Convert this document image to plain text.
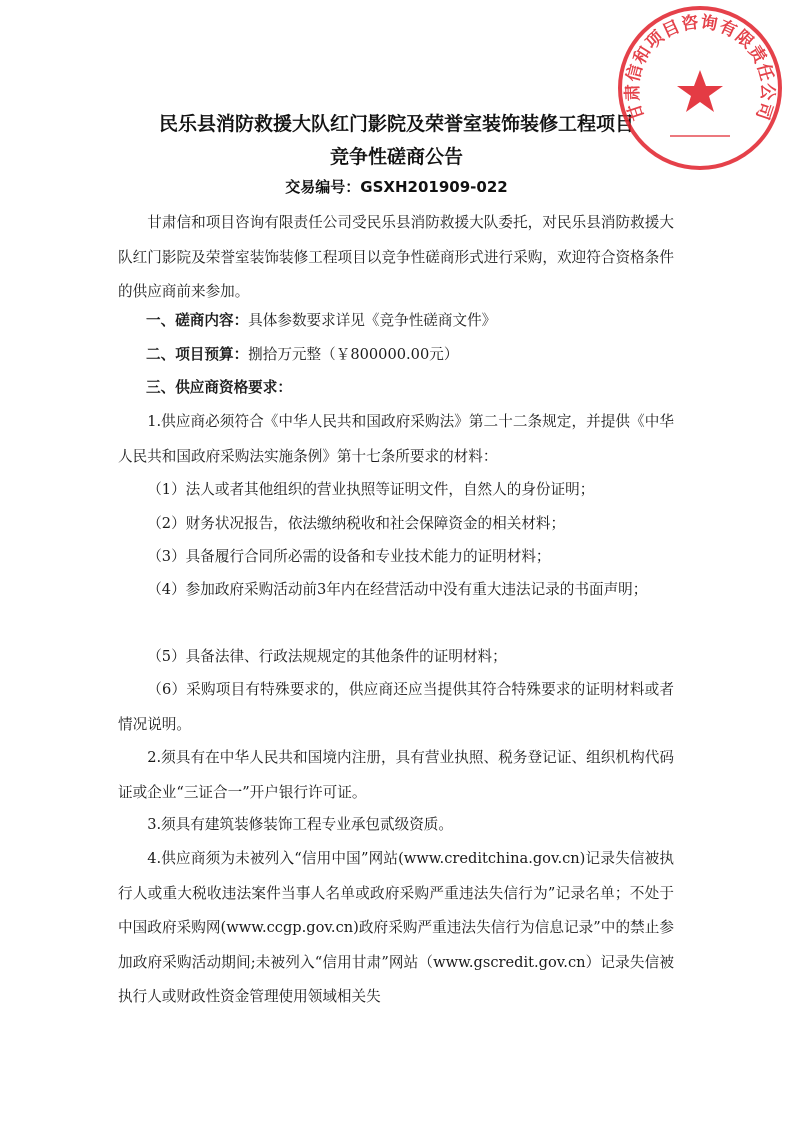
民乐县消防救援大队红门影院及荣誉室装饰装修工程项目
竞争性磋商公告
交易编号：GSXH201909-022
甘肃信和项目咨询有限责任公司受民乐县消防救援大队委托，对民乐县消防救援大队红门影院及荣誉室装饰装修工程项目以竞争性磋商形式进行采购，欢迎符合资格条件的供应商前来参加。
一、磋商内容：具体参数要求详见《竞争性磋商文件》
二、项目预算：捌拾万元整（￥800000.00元）
三、供应商资格要求：
1.供应商必须符合《中华人民共和国政府采购法》第二十二条规定，并提供《中华人民共和国政府采购法实施条例》第十七条所要求的材料：
（1）法人或者其他组织的营业执照等证明文件，自然人的身份证明；
（2）财务状况报告，依法缴纳税收和社会保障资金的相关材料；
（3）具备履行合同所必需的设备和专业技术能力的证明材料；
（4）参加政府采购活动前3年内在经营活动中没有重大违法记录的书面声明；
（5）具备法律、行政法规规定的其他条件的证明材料；
（6）采购项目有特殊要求的，供应商还应当提供其符合特殊要求的证明材料或者情况说明。
2.须具有在中华人民共和国境内注册，具有营业执照、税务登记证、组织机构代码证或企业“三证合一”开户银行许可证。
3.须具有建筑装修装饰工程专业承包贰级资质。
4.供应商须为未被列入“信用中国”网站(www.creditchina.gov.cn)记录失信被执行人或重大税收违法案件当事人名单或政府采购严重违法失信行为”记录名单；不处于中国政府采购网(www.ccgp.gov.cn)政府采购严重违法失信行为信息记录”中的禁止参加政府采购活动期间;未被列入“信用甘肃”网站（www.gscredit.gov.cn）记录失信被执行人或财政性资金管理使用领域相关失
甘肃信和项目咨询有限责任公司
